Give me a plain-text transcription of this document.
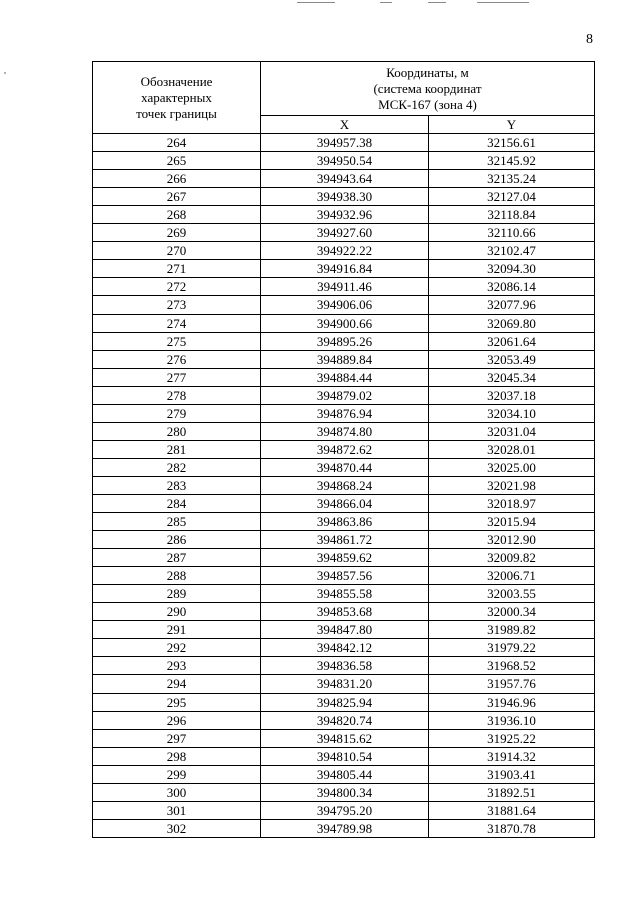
8
Обозначение
характерных
точек границы	Координаты, м
(система координат
МСК-167 (зона 4)	

	X	Y
264	394957.38	32156.61
265	394950.54	32145.92
266	394943.64	32135.24
267	394938.30	32127.04
268	394932.96	32118.84
269	394927.60	32110.66
270	394922.22	32102.47
271	394916.84	32094.30
272	394911.46	32086.14
273	394906.06	32077.96
274	394900.66	32069.80
275	394895.26	32061.64
276	394889.84	32053.49
277	394884.44	32045.34
278	394879.02	32037.18
279	394876.94	32034.10
280	394874.80	32031.04
281	394872.62	32028.01
282	394870.44	32025.00
283	394868.24	32021.98
284	394866.04	32018.97
285	394863.86	32015.94
286	394861.72	32012.90
287	394859.62	32009.82
288	394857.56	32006.71
289	394855.58	32003.55
290	394853.68	32000.34
291	394847.80	31989.82
292	394842.12	31979.22
293	394836.58	31968.52
294	394831.20	31957.76
295	394825.94	31946.96
296	394820.74	31936.10
297	394815.62	31925.22
298	394810.54	31914.32
299	394805.44	31903.41
300	394800.34	31892.51
301	394795.20	31881.64
302	394789.98	31870.78
